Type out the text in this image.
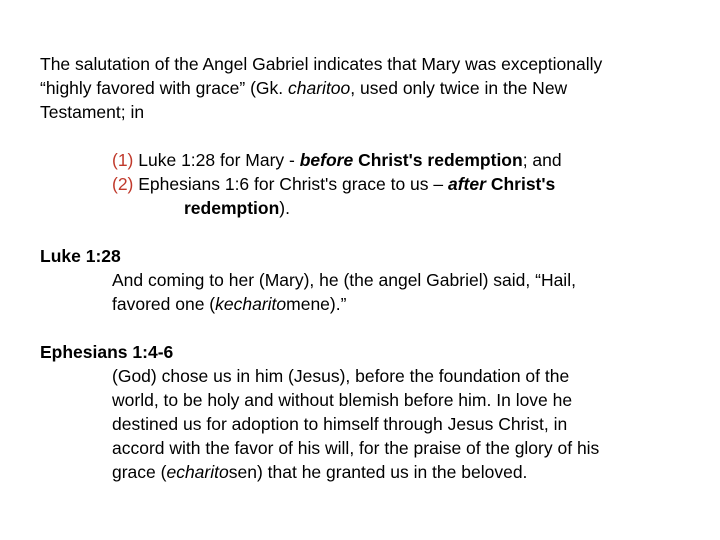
The salutation of the Angel Gabriel indicates that Mary was exceptionally
“highly favored with grace” (Gk. charitoo, used only twice in the New
Testament; in

(1) Luke 1:28 for Mary - before Christ's redemption; and
(2) Ephesians 1:6 for Christ's grace to us – after Christ's
redemption).

Luke 1:28

And coming to her (Mary), he (the angel Gabriel) said, “Hail,
favored one (kecharitomene).”

Ephesians 1:4-6

(God) chose us in him (Jesus), before the foundation of the
world, to be holy and without blemish before him. In love he
destined us for adoption to himself through Jesus Christ, in
accord with the favor of his will, for the praise of the glory of his
grace (echaritosen) that he granted us in the beloved.
